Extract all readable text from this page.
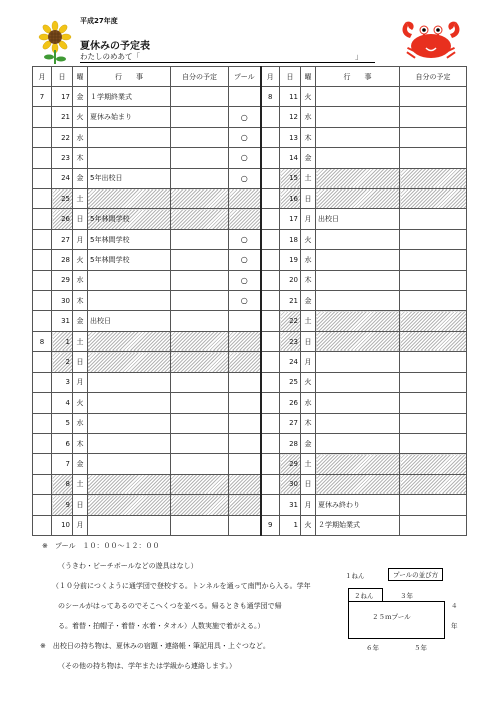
平成27年度
夏休みの予定表
わたしのめあて「	」
月	日	曜	行　　事	自分の予定	プール	月	日	曜	行　　事	自分の予定
7	17	金	１学期終業式			8	11	火		
	21	火	夏休み始まり		○		12	水		
	22	水			○		13	木		
	23	木			○		14	金		
	24	金	5年出校日		○		15	土		
	25	土					16	日		
	26	日	5年林間学校				17	月	出校日	
	27	月	5年林間学校		○		18	火		
	28	火	5年林間学校		○		19	水		
	29	水			○		20	木		
	30	木			○		21	金		
	31	金	出校日				22	土		
8	1	土					23	日		
	2	日					24	月		
	3	月					25	火		
	4	火					26	水		
	5	水					27	木		
	6	木					28	金		
	7	金					29	土		
	8	土					30	日		
	9	日					31	月	夏休み終わり	
	10	月				9	1	火	２学期始業式	
※　プール　１０：００～１２：００
（うきわ・ビーチボールなどの遊具はなし）
（１０分前につくように通学団で登校する。トンネルを通って南門から入る。学年
のシールがはってあるのでそこへくつを並べる。帰るときも通学団で帰
る。着替・拍帽子・着替・水着・タオル）人数実施で着がえる。）
※　出校日の持ち物は、夏休みの宿題・連絡帳・筆記用具・上ぐつなど。
（その他の持ち物は、学年または学級から連絡します。）
１ねん	プールの並び方
２ねん	３年
４
年
２５ｍプール
６年	５年
